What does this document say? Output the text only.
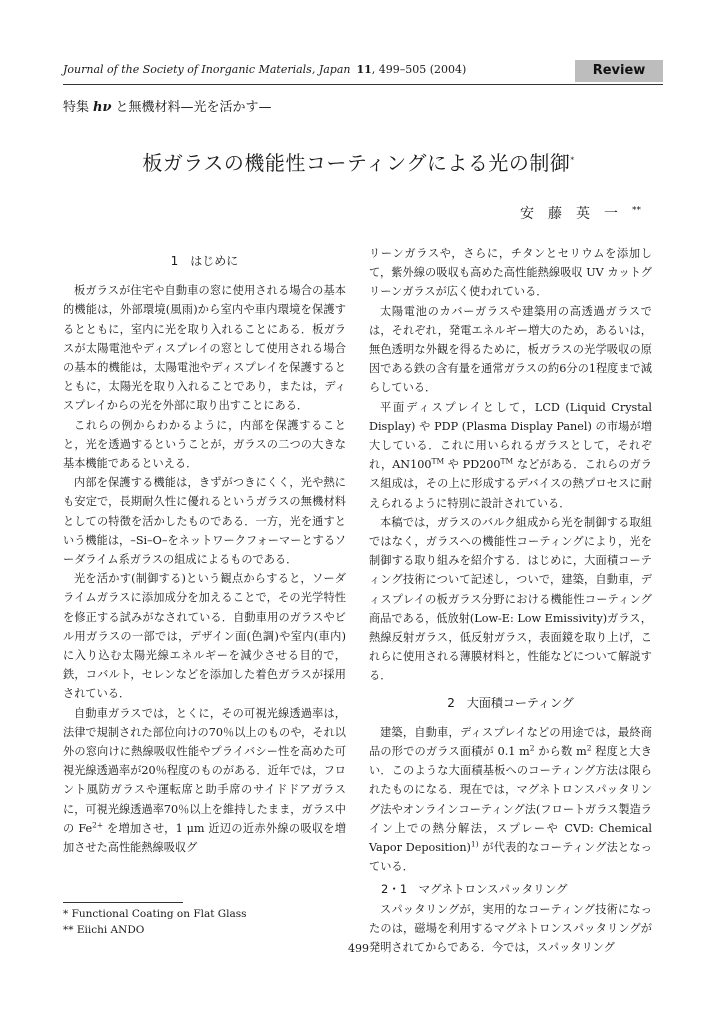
Journal of the Society of Inorganic Materials, Japan 11, 499–505 (2004)	Review
特集 hν と無機材料—光を活かす—
板ガラスの機能性コーティングによる光の制御*
安藤英一**
1　はじめに

板ガラスが住宅や自動車の窓に使用される場合の基本的機能は，外部環境(風雨)から室内や車内環境を保護するとともに，室内に光を取り入れることにある．板ガラスが太陽電池やディスプレイの窓として使用される場合の基本的機能は，太陽電池やディスプレイを保護するとともに，太陽光を取り入れることであり，または，ディスプレイからの光を外部に取り出すことにある．

これらの例からわかるように，内部を保護することと，光を透過するということが，ガラスの二つの大きな基本機能であるといえる．

内部を保護する機能は，きずがつきにくく，光や熱にも安定で，長期耐久性に優れるというガラスの無機材料としての特徴を活かしたものである．一方，光を通すという機能は，–Si–O–をネットワークフォーマーとするソーダライム系ガラスの組成によるものである．

光を活かす(制御する)という観点からすると，ソーダライムガラスに添加成分を加えることで，その光学特性を修正する試みがなされている．自動車用のガラスやビル用ガラスの一部では，デザイン面(色調)や室内(車内)に入り込む太陽光線エネルギーを減少させる目的で，鉄，コバルト，セレンなどを添加した着色ガラスが採用されている．

自動車ガラスでは，とくに，その可視光線透過率は，法律で規制された部位向けの70％以上のものや，それ以外の窓向けに熱線吸収性能やプライバシー性を高めた可視光線透過率が20％程度のものがある．近年では，フロント風防ガラスや運転席と助手席のサイドドアガラスに，可視光線透過率70％以上を維持したまま，ガラス中の $Fe^{2+}$ を増加させ，1 μm 近辺の近赤外線の吸収を増加させた高性能熱線吸収グ

リーンガラスや，さらに，チタンとセリウムを添加して，紫外線の吸収も高めた高性能熱線吸収 UV カットグリーンガラスが広く使われている．

太陽電池のカバーガラスや建築用の高透過ガラスでは，それぞれ，発電エネルギー増大のため，あるいは，無色透明な外観を得るために，板ガラスの光学吸収の原因である鉄の含有量を通常ガラスの約6分の1程度まで減らしている．

平面ディスプレイとして，LCD (Liquid Crystal Display) や PDP (Plasma Display Panel) の市場が増大している．これに用いられるガラスとして，それぞれ，AN100™ や PD200™ などがある．これらのガラス組成は，その上に形成するデバイスの熱プロセスに耐えられるように特別に設計されている．

本稿では，ガラスのバルク組成から光を制御する取組ではなく，ガラスへの機能性コーティングにより，光を制御する取り組みを紹介する．はじめに，大面積コーティング技術について記述し，ついで，建築，自動車，ディスプレイの板ガラス分野における機能性コーティング商品である，低放射(Low-E: Low Emissivity)ガラス，熱線反射ガラス，低反射ガラス，表面鏡を取り上げ，これらに使用される薄膜材料と，性能などについて解説する．

2　大面積コーティング

建築，自動車，ディスプレイなどの用途では，最終商品の形でのガラス面積が 0.1 $m^2$ から数 $m^2$ 程度と大きい．このような大面積基板へのコーティング方法は限られたものになる．現在では，マグネトロンスパッタリング法やオンラインコーティング法(フロートガラス製造ライン上での熱分解法，スプレーや CVD: Chemical Vapor Deposition)$^{1)}$ が代表的なコーティング法となっている．

2・1　マグネトロンスパッタリング

スパッタリングが，実用的なコーティング技術になったのは，磁場を利用するマグネトロンスパッタリングが発明されてからである．今では，スパッタリング

* Functional Coating on Flat Glass
** Eiichi ANDO
499
